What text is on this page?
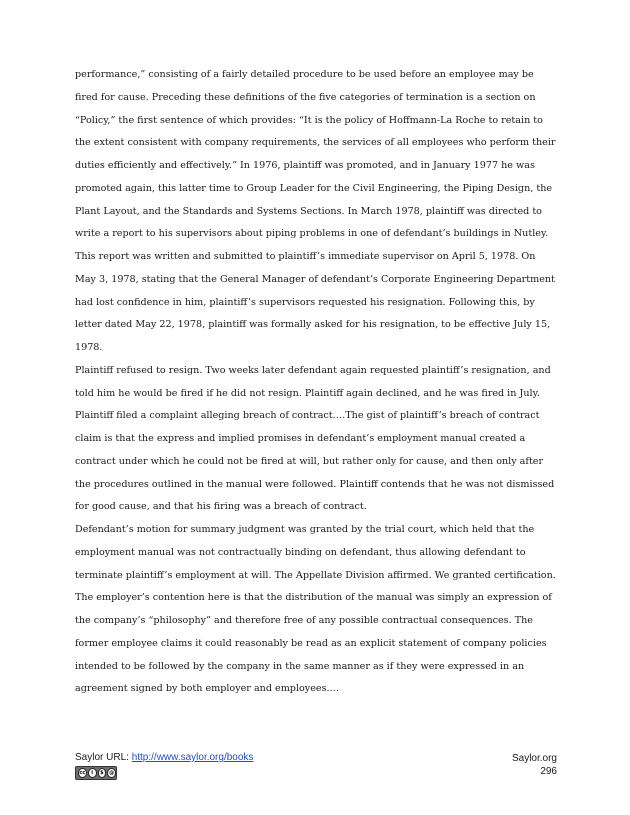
performance,” consisting of a fairly detailed procedure to be used before an employee may be fired for cause. Preceding these definitions of the five categories of termination is a section on “Policy,” the first sentence of which provides: “It is the policy of Hoffmann-La Roche to retain to the extent consistent with company requirements, the services of all employees who perform their duties efficiently and effectively.” In 1976, plaintiff was promoted, and in January 1977 he was promoted again, this latter time to Group Leader for the Civil Engineering, the Piping Design, the Plant Layout, and the Standards and Systems Sections. In March 1978, plaintiff was directed to write a report to his supervisors about piping problems in one of defendant’s buildings in Nutley. This report was written and submitted to plaintiff’s immediate supervisor on April 5, 1978. On May 3, 1978, stating that the General Manager of defendant’s Corporate Engineering Department had lost confidence in him, plaintiff’s supervisors requested his resignation. Following this, by letter dated May 22, 1978, plaintiff was formally asked for his resignation, to be effective July 15, 1978.

Plaintiff refused to resign. Two weeks later defendant again requested plaintiff’s resignation, and told him he would be fired if he did not resign. Plaintiff again declined, and he was fired in July.

Plaintiff filed a complaint alleging breach of contract.…The gist of plaintiff’s breach of contract claim is that the express and implied promises in defendant’s employment manual created a contract under which he could not be fired at will, but rather only for cause, and then only after the procedures outlined in the manual were followed. Plaintiff contends that he was not dismissed for good cause, and that his firing was a breach of contract.

Defendant’s motion for summary judgment was granted by the trial court, which held that the employment manual was not contractually binding on defendant, thus allowing defendant to terminate plaintiff’s employment at will. The Appellate Division affirmed. We granted certification.

The employer’s contention here is that the distribution of the manual was simply an expression of the company’s “philosophy” and therefore free of any possible contractual consequences. The former employee claims it could reasonably be read as an explicit statement of company policies intended to be followed by the company in the same manner as if they were expressed in an agreement signed by both employer and employees.…

Saylor URL: http://www.saylor.org/books
cc	i	$	@
Saylor.org
296
